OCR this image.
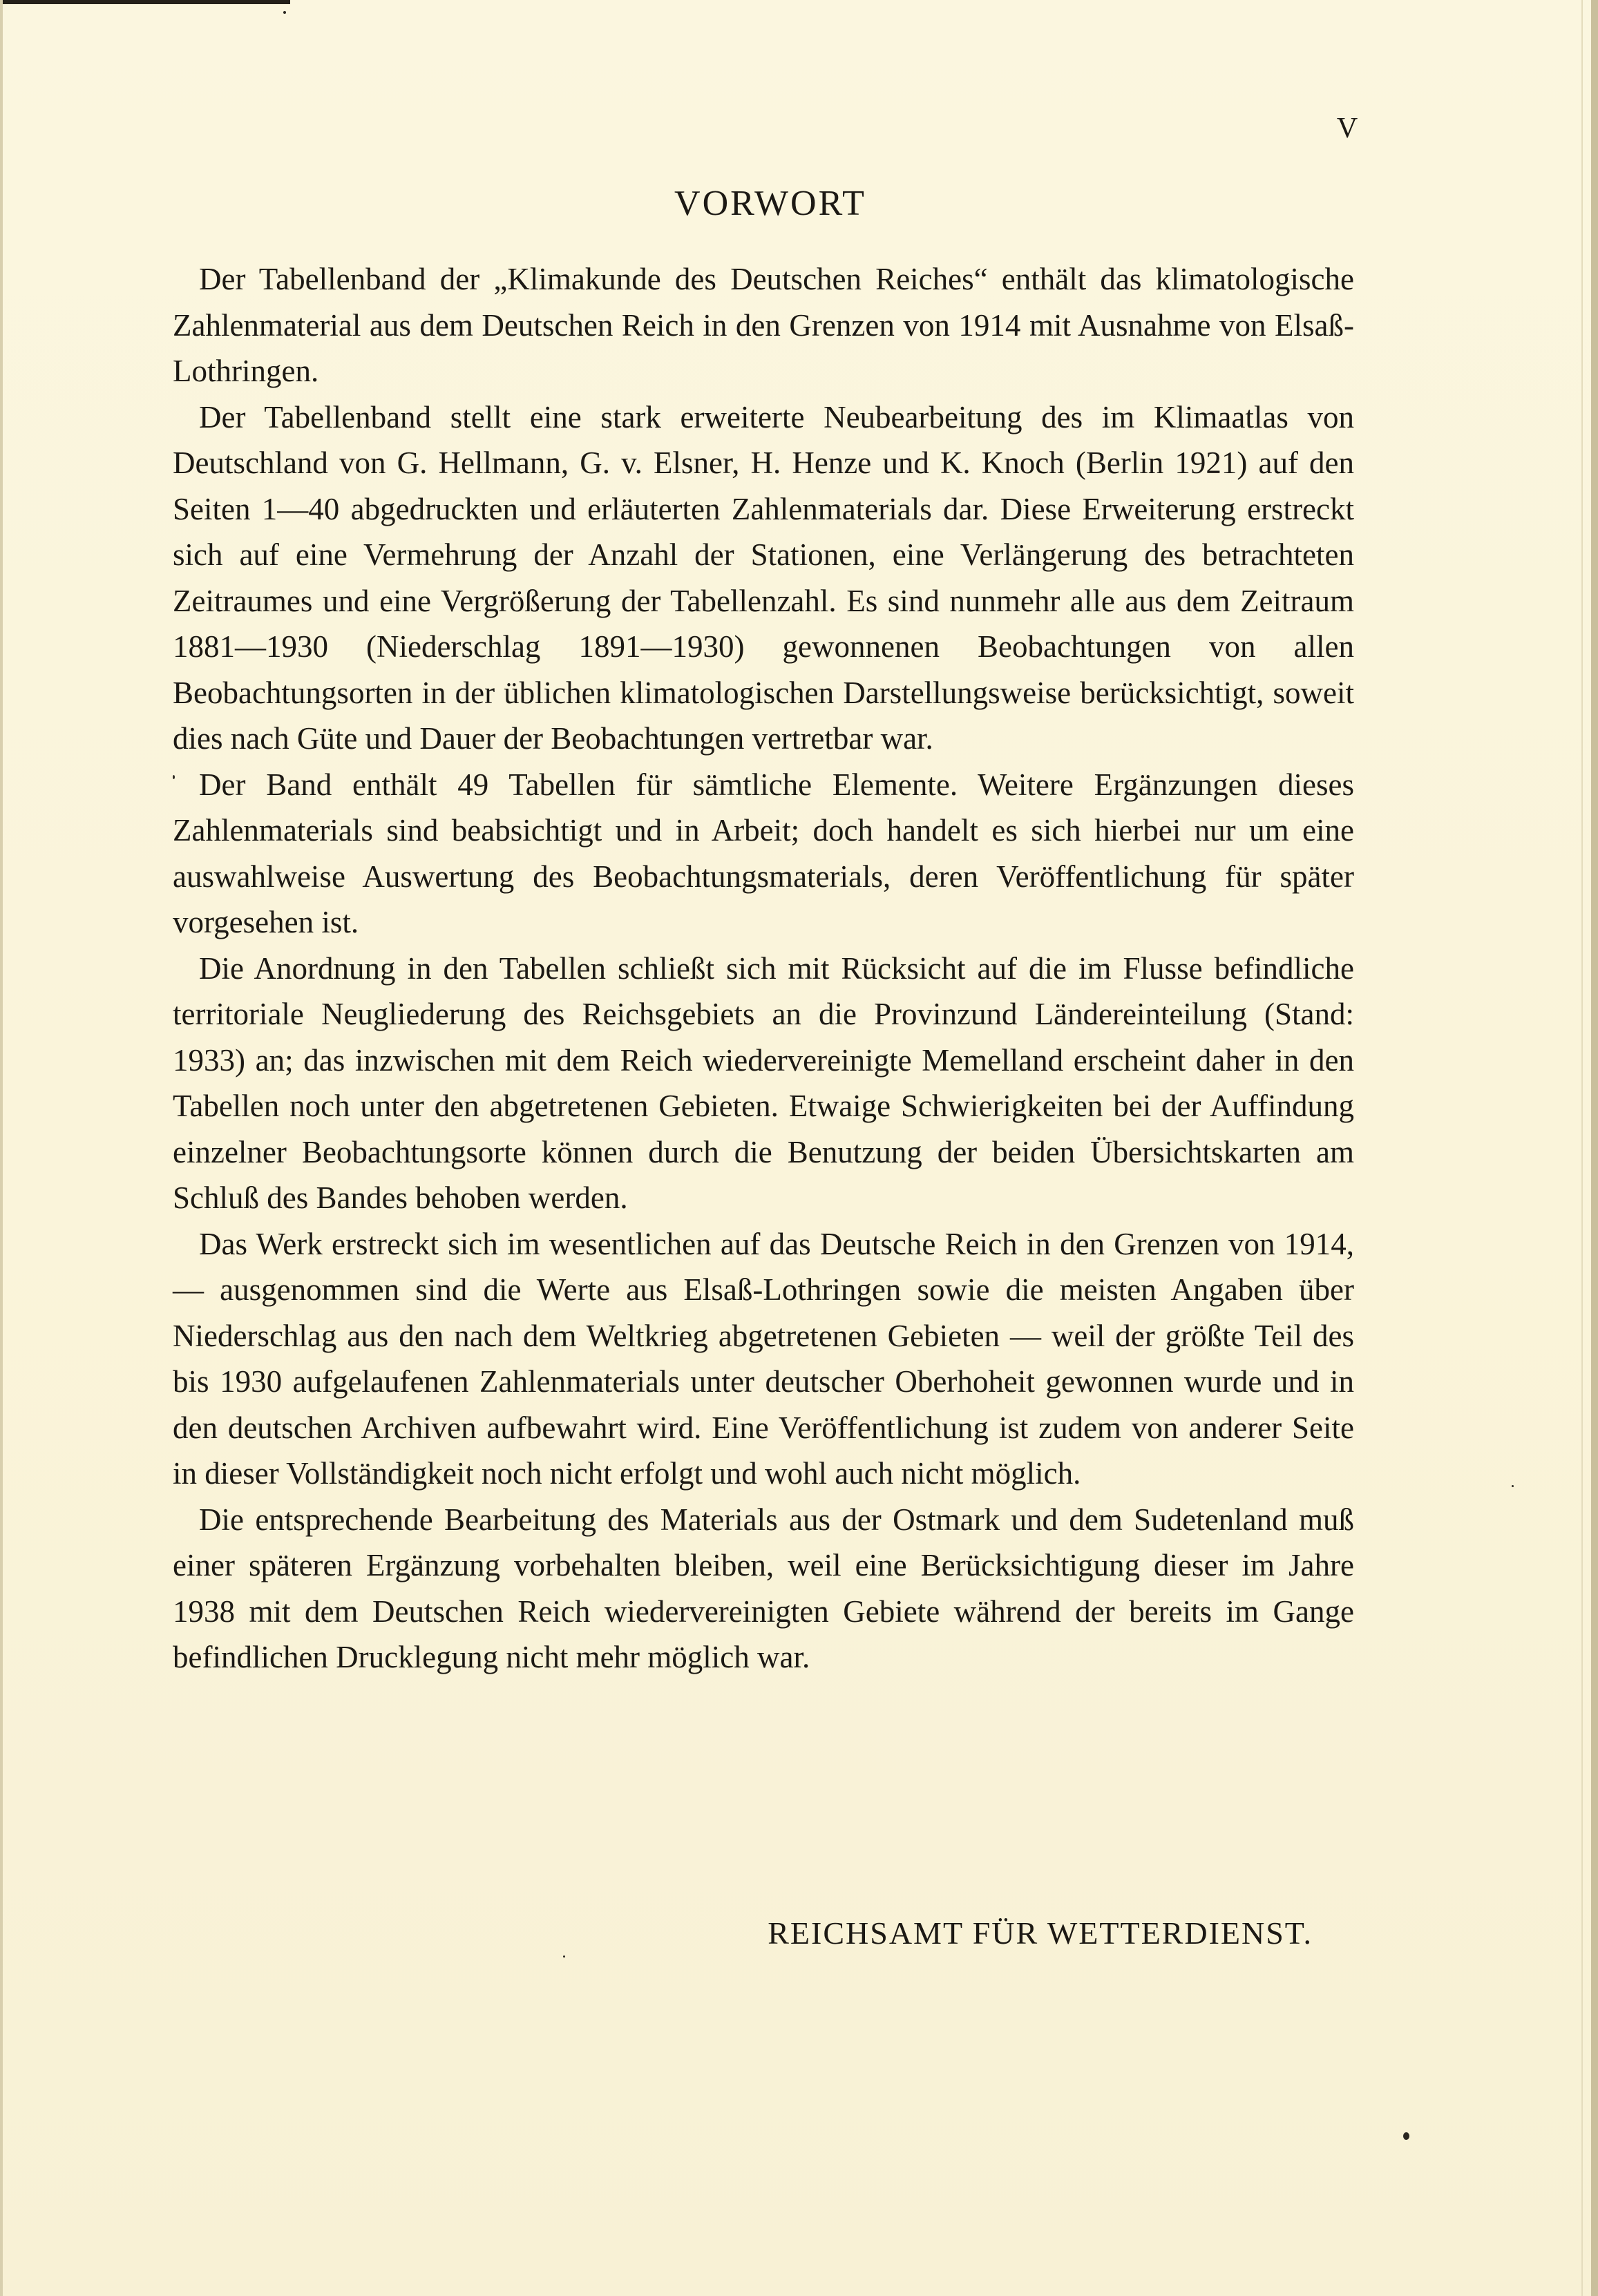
V
VORWORT

Der Tabellenband der „Klimakunde des Deutschen Reiches“ enthält das klimatologische Zahlenmaterial aus dem Deutschen Reich in den Grenzen von 1914 mit Ausnahme von Elsaß-Lothringen.

Der Tabellenband stellt eine stark erweiterte Neubearbeitung des im Klimaatlas von Deutschland von G. Hellmann, G. v. Elsner, H. Henze und K. Knoch (Berlin 1921) auf den Seiten 1—40 abgedruckten und erläuterten Zahlenmaterials dar. Diese Erweiterung erstreckt sich auf eine Vermehrung der Anzahl der Stationen, eine Verlängerung des betrachteten Zeitraumes und eine Vergrößerung der Tabellenzahl. Es sind nunmehr alle aus dem Zeitraum 1881—1930 (Niederschlag 1891—1930) gewonnenen Beobachtungen von allen Beobachtungsorten in der üblichen klimatologischen Darstellungsweise berücksichtigt, soweit dies nach Güte und Dauer der Beobachtungen vertretbar war.

Der Band enthält 49 Tabellen für sämtliche Elemente. Weitere Ergänzungen dieses Zahlenmaterials sind beabsichtigt und in Arbeit; doch handelt es sich hierbei nur um eine auswahlweise Auswertung des Beobachtungsmaterials, deren Veröffentlichung für später vorgesehen ist.

Die Anordnung in den Tabellen schließt sich mit Rücksicht auf die im Flusse befindliche territoriale Neugliederung des Reichsgebiets an die Provinzund Ländereinteilung (Stand: 1933) an; das inzwischen mit dem Reich wiedervereinigte Memelland erscheint daher in den Tabellen noch unter den abgetretenen Gebieten. Etwaige Schwierigkeiten bei der Auffindung einzelner Beobachtungsorte können durch die Benutzung der beiden Übersichtskarten am Schluß des Bandes behoben werden.

Das Werk erstreckt sich im wesentlichen auf das Deutsche Reich in den Grenzen von 1914, — ausgenommen sind die Werte aus Elsaß-Lothringen sowie die meisten Angaben über Niederschlag aus den nach dem Weltkrieg abgetretenen Gebieten — weil der größte Teil des bis 1930 aufgelaufenen Zahlenmaterials unter deutscher Oberhoheit gewonnen wurde und in den deutschen Archiven aufbewahrt wird. Eine Veröffentlichung ist zudem von anderer Seite in dieser Vollständigkeit noch nicht erfolgt und wohl auch nicht möglich.

Die entsprechende Bearbeitung des Materials aus der Ostmark und dem Sudetenland muß einer späteren Ergänzung vorbehalten bleiben, weil eine Berücksichtigung dieser im Jahre 1938 mit dem Deutschen Reich wiedervereinigten Gebiete während der bereits im Gange befindlichen Drucklegung nicht mehr möglich war.

REICHSAMT FÜR WETTERDIENST.
